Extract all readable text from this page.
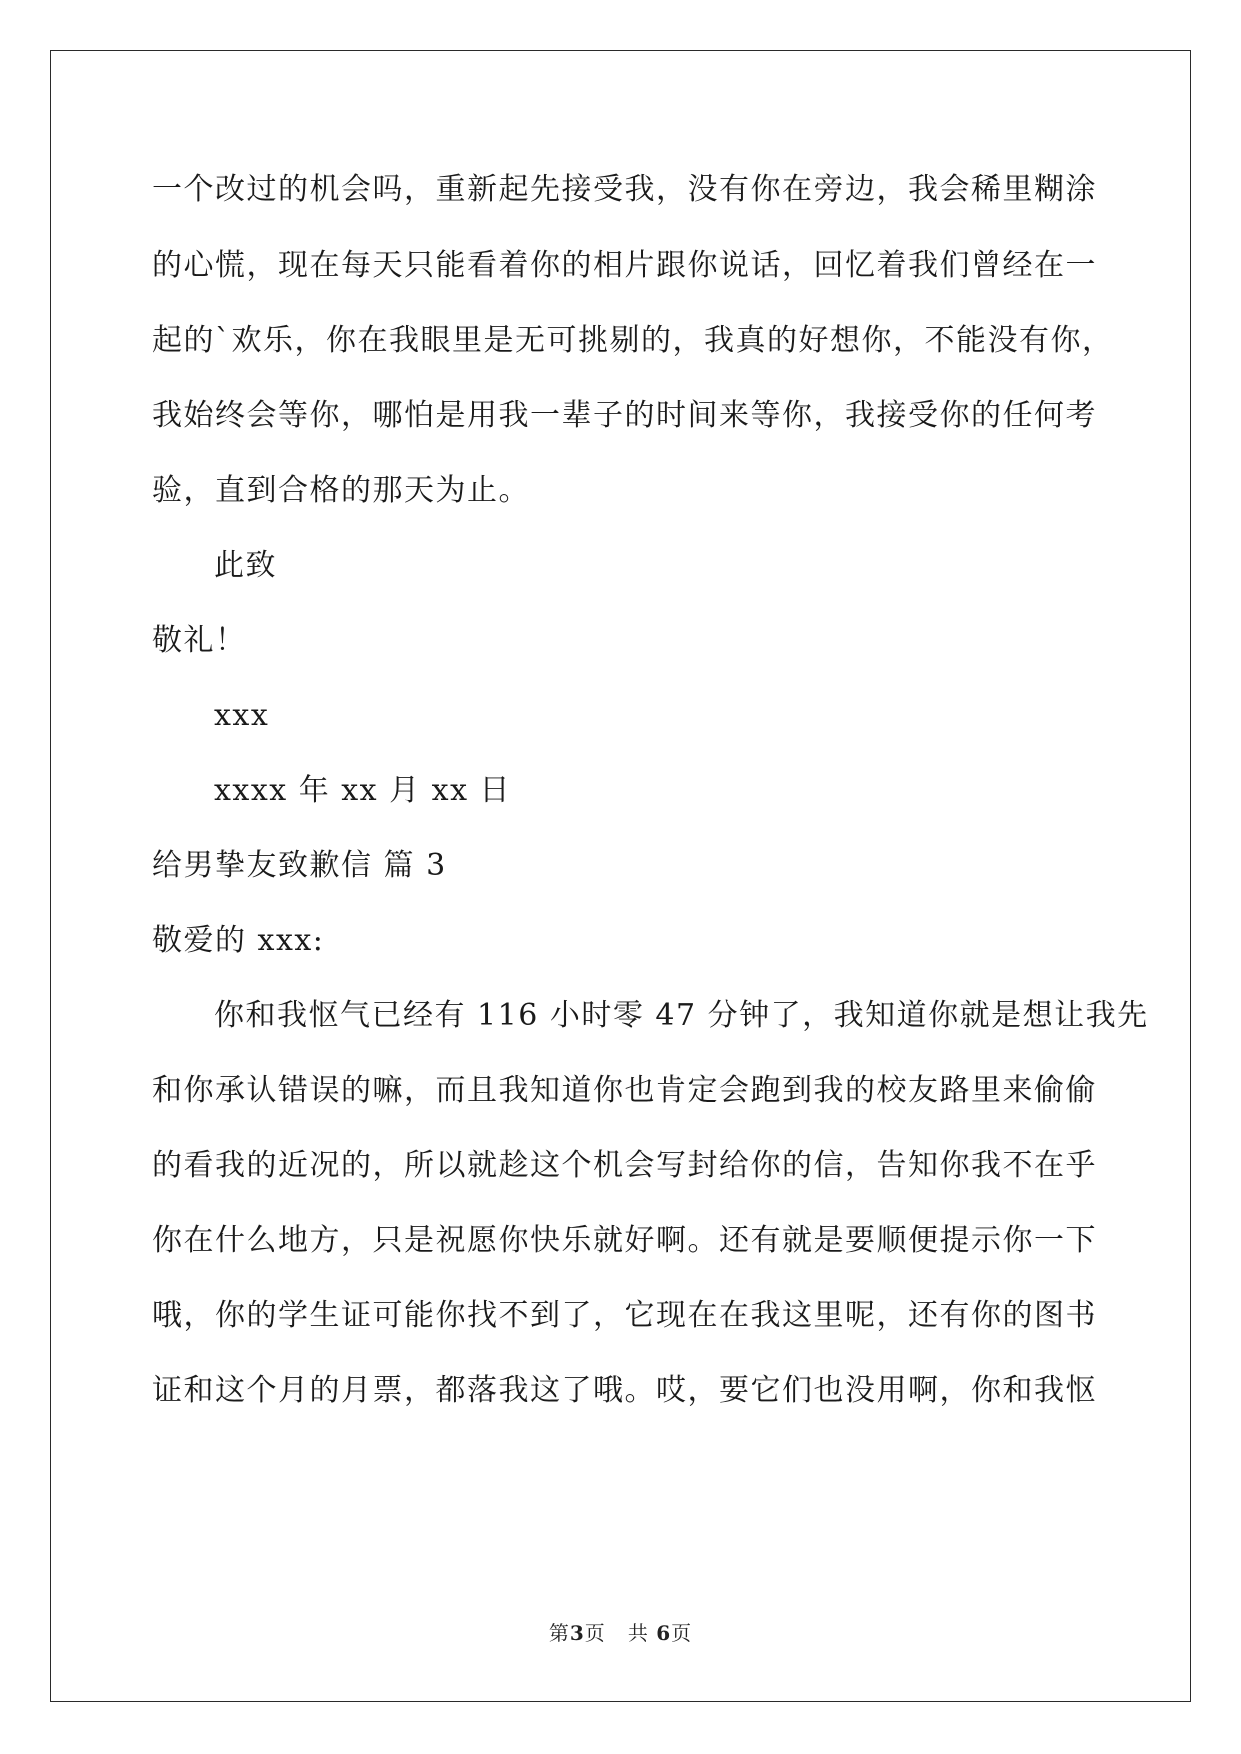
一个改过的机会吗，重新起先接受我，没有你在旁边，我会稀里糊涂
的心慌，现在每天只能看着你的相片跟你说话，回忆着我们曾经在一
起的`欢乐，你在我眼里是无可挑剔的，我真的好想你，不能没有你，
我始终会等你，哪怕是用我一辈子的时间来等你，我接受你的任何考
验，直到合格的那天为止。
此致
敬礼！
xxx
xxxx 年 xx 月 xx 日
给男挚友致歉信 篇 3
敬爱的 xxx:
你和我怄气已经有 116 小时零 47 分钟了，我知道你就是想让我先
和你承认错误的嘛，而且我知道你也肯定会跑到我的校友路里来偷偷
的看我的近况的，所以就趁这个机会写封给你的信，告知你我不在乎
你在什么地方，只是祝愿你快乐就好啊。还有就是要顺便提示你一下
哦，你的学生证可能你找不到了，它现在在我这里呢，还有你的图书
证和这个月的月票，都落我这了哦。哎，要它们也没用啊，你和我怄
第3页 共 6页
